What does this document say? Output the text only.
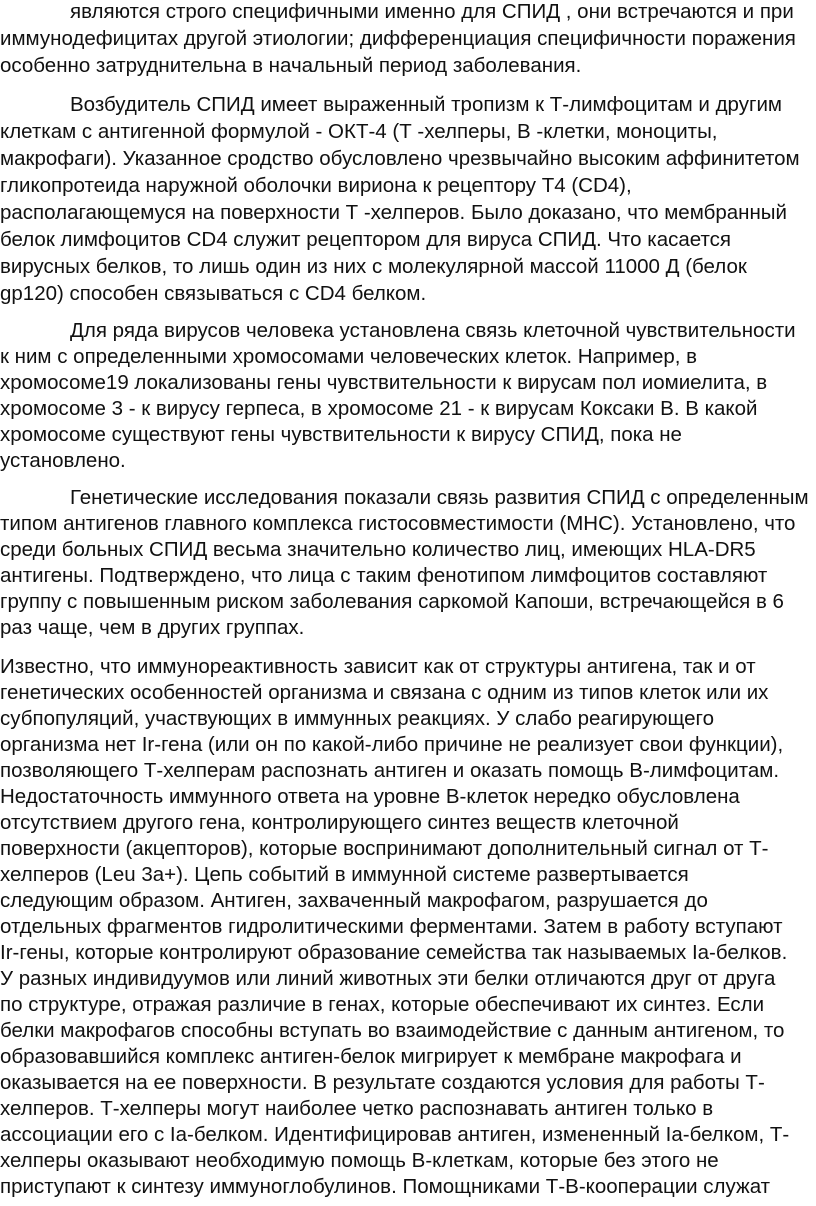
являются строго специфичными именно для СПИД , они встречаются и при
иммунодефицитах другой этиологии; дифференциация специфичности поражения
особенно затруднительна в начальный период заболевания.
Возбудитель СПИД имеет выраженный тропизм к Т-лимфоцитам и другим
клеткам с антигенной формулой - ОКТ-4 (Т -хелперы, В -клетки, моноциты,
макрофаги). Указанное сродство обусловлено чрезвычайно высоким аффинитетом
гликопротеида наружной оболочки вириона к рецептору Т4 (CD4),
располагающемуся на поверхности Т -хелперов. Было доказано, что мембранный
белок лимфоцитов CD4 служит рецептором для вируса СПИД. Что касается
вирусных белков, то лишь один из них с молекулярной массой 11000 Д (белок
gp120) способен связываться с CD4 белком.
Для ряда вирусов человека установлена связь клеточной чувствительности
к ним с определенными хромосомами человеческих клеток. Например, в
хромосоме19 локализованы гены чувствительности к вирусам пол иомиелита, в
хромосоме 3 - к вирусу герпеса, в хромосоме 21 - к вирусам Коксаки В. В какой
хромосоме существуют гены чувствительности к вирусу СПИД, пока не
установлено.
Генетические исследования показали связь развития СПИД с определенным
типом антигенов главного комплекса гистосовместимости (МНС). Установлено, что
среди больных СПИД весьма значительно количество лиц, имеющих HLA-DR5
антигены. Подтверждено, что лица с таким фенотипом лимфоцитов составляют
группу с повышенным риском заболевания саркомой Капоши, встречающейся в 6
раз чаще, чем в других группах.
Известно, что иммунореактивность зависит как от структуры антигена, так и от
генетических особенностей организма и связана с одним из типов клеток или их
субпопуляций, участвующих в иммунных реакциях. У слабо реагирующего
организма нет Ir-гена (или он по какой-либо причине не реализует свои функции),
позволяющего Т-хелперам распознать антиген и оказать помощь В-лимфоцитам.
Недостаточность иммунного ответа на уровне В-клеток нередко обусловлена
отсутствием другого гена, контролирующего синтез веществ клеточной
поверхности (акцепторов), которые воспринимают дополнительный сигнал от Т-
хелперов (Leu 3a+). Цепь событий в иммунной системе развертывается
следующим образом. Антиген, захваченный макрофагом, разрушается до
отдельных фрагментов гидролитическими ферментами. Затем в работу вступают
Ir-гены, которые контролируют образование семейства так называемых Ia-белков.
У разных индивидуумов или линий животных эти белки отличаются друг от друга
по структуре, отражая различие в генах, которые обеспечивают их синтез. Если
белки макрофагов способны вступать во взаимодействие с данным антигеном, то
образовавшийся комплекс антиген-белок мигрирует к мембране макрофага и
оказывается на ее поверхности. В результате создаются условия для работы Т-
хелперов. Т-хелперы могут наиболее четко распознавать антиген только в
ассоциации его с Ia-белком. Идентифицировав антиген, измененный Ia-белком, Т-
хелперы оказывают необходимую помощь В-клеткам, которые без этого не
приступают к синтезу иммуноглобулинов. Помощниками Т-В-кооперации служат
